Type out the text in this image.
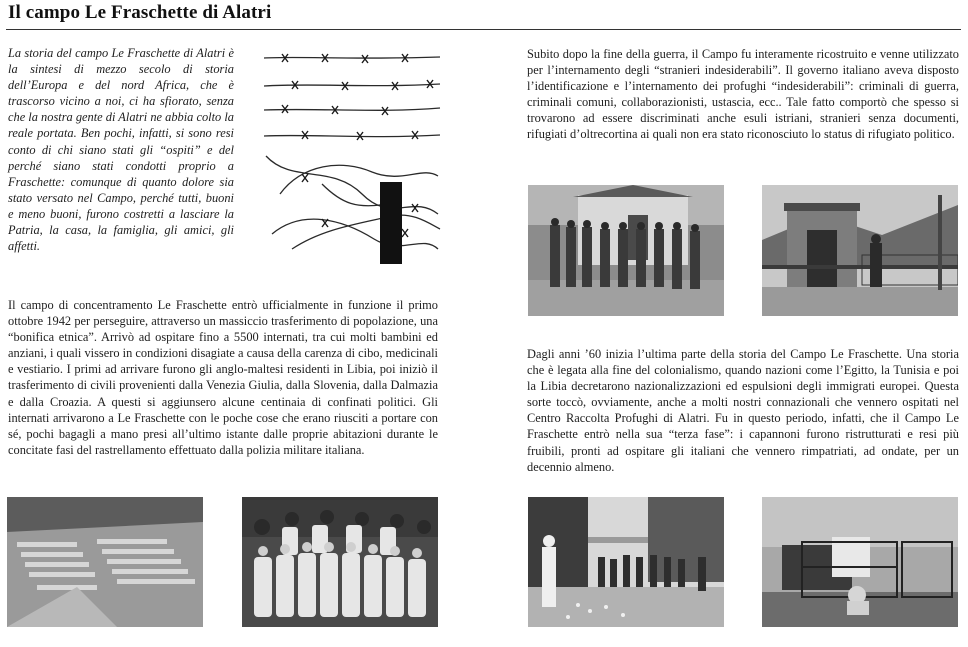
Il campo Le Fraschette di Alatri

La storia del campo Le Fraschette di Alatri è la sintesi di mezzo secolo di storia dell’Europa e del nord Africa, che è trascorso vicino a noi, ci ha sfiorato, senza che la nostra gente di Alatri ne abbia colto la reale portata. Ben pochi, infatti, si sono resi conto di chi siano stati gli “ospiti” e del perché siano stati condotti proprio a Fraschette: comunque di quanto dolore sia stato versato nel Campo, perché tutti, buoni e meno buoni, furono costretti a lasciare la Patria, la casa, la famiglia, gli amici, gli affetti.

Il campo di concentramento Le Fraschette entrò ufficialmente in funzione il primo ottobre 1942 per perseguire, attraverso un massiccio trasferimento di popolazione, una “bonifica etnica”. Arrivò ad ospitare fino a 5500 internati, tra cui molti bambini ed anziani, i quali vissero in condizioni disagiate a causa della carenza di cibo, medicinali e vestiario. I primi ad arrivare furono gli anglo-maltesi residenti in Libia, poi iniziò il trasferimento di civili provenienti dalla Venezia Giulia, dalla Slovenia, dalla Dalmazia e dalla Croazia. A questi si aggiunsero alcune centinaia di confinati politici. Gli internati arrivarono a Le Fraschette con le poche cose che erano riusciti a portare con sé, pochi bagagli a mano presi all’ultimo istante dalle proprie abitazioni durante le concitate fasi del rastrellamento effettuato dalla polizia militare italiana.

Subito dopo la fine della guerra, il Campo fu interamente ricostruito e venne utilizzato per l’internamento degli “stranieri indesiderabili”. Il governo italiano aveva disposto l’identificazione e l’internamento dei profughi “indesiderabili”: criminali di guerra, criminali comuni, collaborazionisti, ustascia, ecc.. Tale fatto comportò che spesso si trovarono ad essere discriminati anche esuli istriani, stranieri senza documenti, rifugiati d’oltrecortina ai quali non era stato riconosciuto lo status di rifugiato politico.

Dagli anni ’60 inizia l’ultima parte della storia del Campo Le Fraschette. Una storia che è legata alla fine del colonialismo, quando nazioni come l’Egitto, la Tunisia e poi la Libia decretarono nazionalizzazioni ed espulsioni degli immigrati europei. Questa sorte toccò, ovviamente, anche a molti nostri connazionali che vennero ospitati nel Centro Raccolta Profughi di Alatri. Fu in questo periodo, infatti, che il Campo Le Fraschette entrò nella sua “terza fase”: i capannoni furono ristrutturati e resi più fruibili, pronti ad ospitare gli italiani che vennero rimpatriati, ad ondate, per un decennio almeno.
